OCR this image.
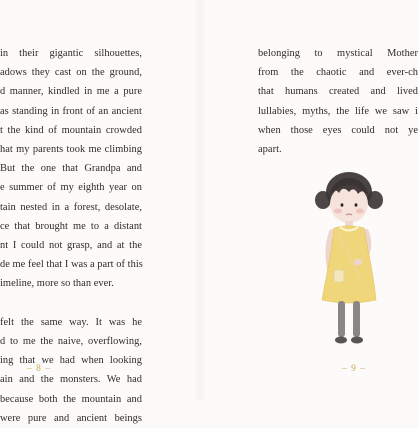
in their gigantic silhouettes,
adows they cast on the ground,
d manner, kindled in me a pure
as standing in front of an ancient
t the kind of mountain crowded
hat my parents took me climbing
But the one that Grandpa and
e summer of my eighth year on
tain nested in a forest, desolate,
ce that brought me to a distant
nt I could not grasp, and at the
de me feel that I was a part of this
imeline, more so than ever.
felt the same way. It was he
d to me the naive, overflowing,
ing that we had when looking
ain and the monsters. We had
because both the mountain and
were pure and ancient beings
– 8 –
belonging to mystical Mother
from the chaotic and ever-ch
that humans created and lived
lullabies, myths, the life we saw i
when those eyes could not ye
apart.
– 9 –
